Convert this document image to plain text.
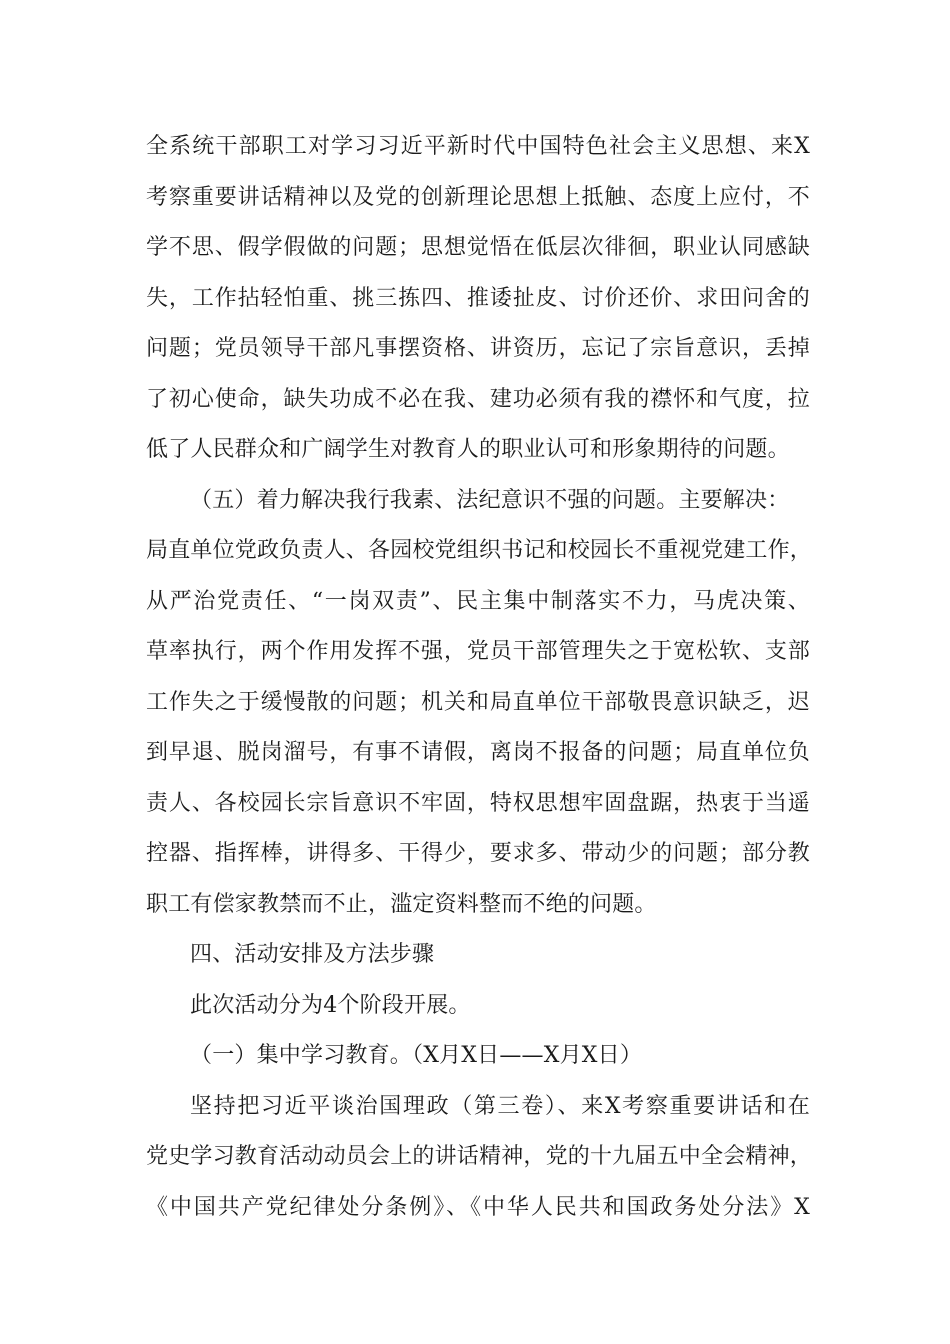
全系统干部职工对学习习近平新时代中国特色社会主义思想、来X
考察重要讲话精神以及党的创新理论思想上抵触、态度上应付，不
学不思、假学假做的问题；思想觉悟在低层次徘徊，职业认同感缺
失，工作拈轻怕重、挑三拣四、推诿扯皮、讨价还价、求田问舍的
问题；党员领导干部凡事摆资格、讲资历，忘记了宗旨意识，丢掉
了初心使命，缺失功成不必在我、建功必须有我的襟怀和气度，拉
低了人民群众和广阔学生对教育人的职业认可和形象期待的问题。
（五）着力解决我行我素、法纪意识不强的问题。主要解决：
局直单位党政负责人、各园校党组织书记和校园长不重视党建工作，
从严治党责任、“一岗双责”、民主集中制落实不力，马虎决策、
草率执行，两个作用发挥不强，党员干部管理失之于宽松软、支部
工作失之于缓慢散的问题；机关和局直单位干部敬畏意识缺乏，迟
到早退、脱岗溜号，有事不请假，离岗不报备的问题；局直单位负
责人、各校园长宗旨意识不牢固，特权思想牢固盘踞，热衷于当遥
控器、指挥棒，讲得多、干得少，要求多、带动少的问题；部分教
职工有偿家教禁而不止，滥定资料整而不绝的问题。
四、活动安排及方法步骤
此次活动分为4个阶段开展。
（一）集中学习教育。（X月X日——X月X日）
坚持把习近平谈治国理政（第三卷）、来X考察重要讲话和在
党史学习教育活动动员会上的讲话精神，党的十九届五中全会精神，
《中国共产党纪律处分条例》、《中华人民共和国政务处分法》X
